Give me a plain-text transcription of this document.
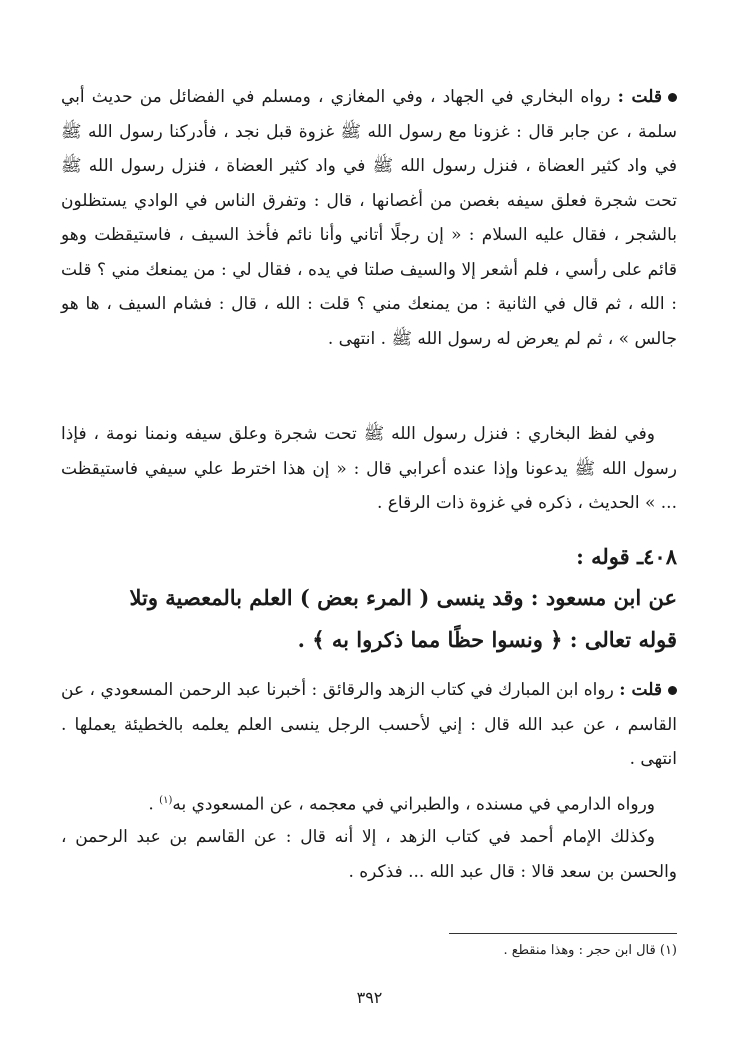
قلت : رواه البخاري في الجهاد ، وفي المغازي ، ومسلم في الفضائل من حديث أبي سلمة ، عن جابر قال : غزونا مع رسول الله ﷺ غزوة قبل نجد ، فأدركنا رسول الله ﷺ في واد كثير العضاة ، فنزل رسول الله ﷺ في واد كثير العضاة ، فنزل رسول الله ﷺ تحت شجرة فعلق سيفه بغصن من أغصانها ، قال : وتفرق الناس في الوادي يستظلون بالشجر ، فقال عليه السلام : « إن رجلًا أتاني وأنا نائم فأخذ السيف ، فاستيقظت وهو قائم على رأسي ، فلم أشعر إلا والسيف صلتا في يده ، فقال لي : من يمنعك مني ؟ قلت : الله ، ثم قال في الثانية : من يمنعك مني ؟ قلت : الله ، قال : فشام السيف ، ها هو جالس » ، ثم لم يعرض له رسول الله ﷺ . انتهى .
وفي لفظ البخاري : فنزل رسول الله ﷺ تحت شجرة وعلق سيفه ونمنا نومة ، فإذا رسول الله ﷺ يدعونا وإذا عنده أعرابي قال : « إن هذا اخترط علي سيفي فاستيقظت ... » الحديث ، ذكره في غزوة ذات الرقاع .
٤٠٨ـ قوله :
عن ابن مسعود : وقد ينسى ( المرء بعض ) العلم بالمعصية وتلا
قوله تعالى : ﴿ ونسوا حظًا مما ذكروا به ﴾ .
قلت : رواه ابن المبارك في كتاب الزهد والرقائق : أخبرنا عبد الرحمن المسعودي ، عن القاسم ، عن عبد الله قال : إني لأحسب الرجل ينسى العلم يعلمه بالخطيئة يعملها . انتهى .
ورواه الدارمي في مسنده ، والطبراني في معجمه ، عن المسعودي به$^{(١)}$ .
وكذلك الإمام أحمد في كتاب الزهد ، إلا أنه قال : عن القاسم بن عبد الرحمن ، والحسن بن سعد قالا : قال عبد الله ... فذكره .
(١) قال ابن حجر : وهذا منقطع .
٣٩٢
